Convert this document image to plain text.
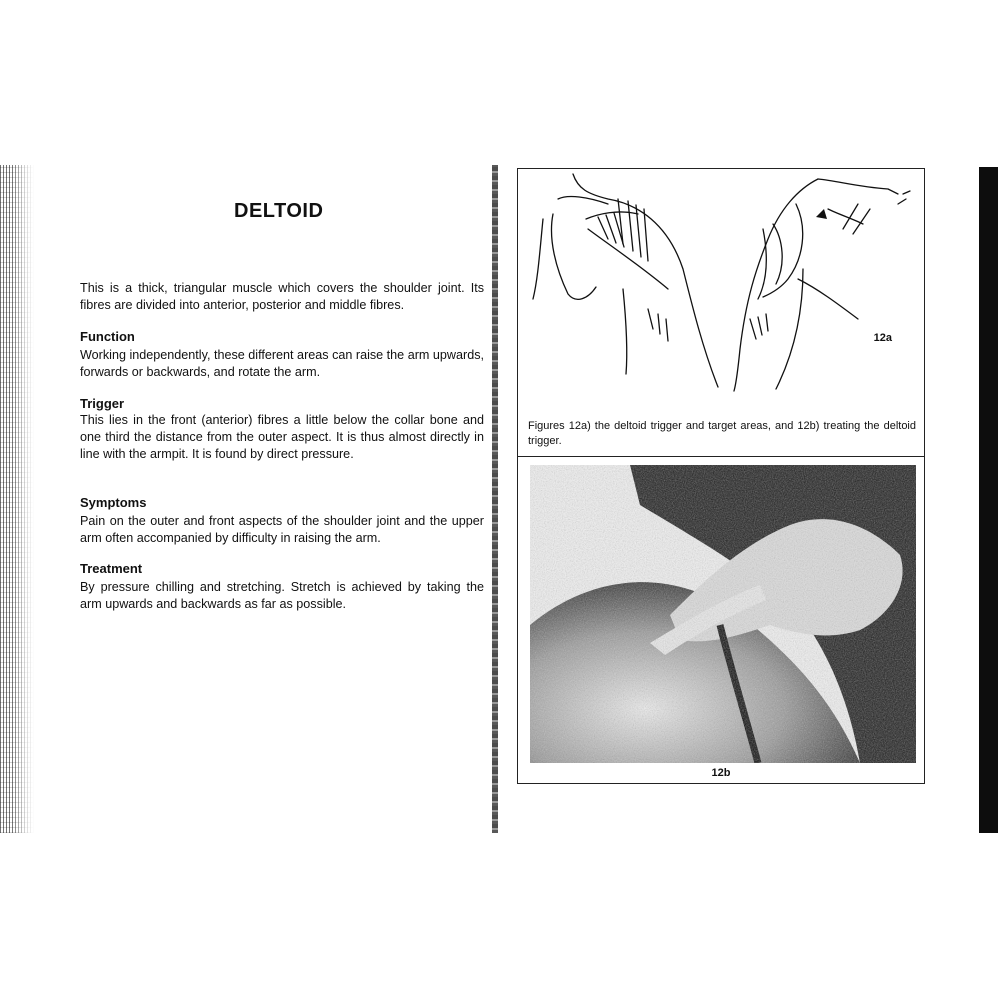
DELTOID

This is a thick, triangular muscle which covers the shoulder joint. Its fibres are divided into anterior, posterior and middle fibres.

Function

Working independently, these different areas can raise the arm upwards, forwards or backwards, and rotate the arm.

Trigger

This lies in the front (anterior) fibres a little below the collar bone and one third the distance from the outer aspect. It is thus almost directly in line with the armpit. It is found by direct pressure.

Symptoms

Pain on the outer and front aspects of the shoulder joint and the upper arm often accompanied by difficulty in raising the arm.

Treatment

By pressure chilling and stretching. Stretch is achieved by taking the arm upwards and backwards as far as possible.

12a

Figures 12a) the deltoid trigger and target areas, and 12b) treating the deltoid trigger.

12b
